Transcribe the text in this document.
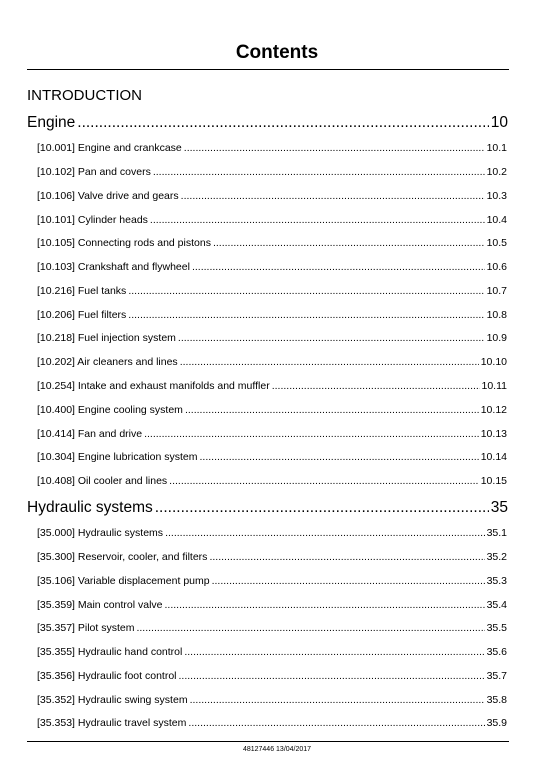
Contents
INTRODUCTION
Engine .....	10
[10.001] Engine and crankcase .....	10.1
[10.102] Pan and covers .....	10.2
[10.106] Valve drive and gears .....	10.3
[10.101] Cylinder heads .....	10.4
[10.105] Connecting rods and pistons .....	10.5
[10.103] Crankshaft and flywheel .....	10.6
[10.216] Fuel tanks .....	10.7
[10.206] Fuel filters .....	10.8
[10.218] Fuel injection system .....	10.9
[10.202] Air cleaners and lines .....	10.10
[10.254] Intake and exhaust manifolds and muffler .....	10.11
[10.400] Engine cooling system .....	10.12
[10.414] Fan and drive .....	10.13
[10.304] Engine lubrication system .....	10.14
[10.408] Oil cooler and lines .....	10.15
Hydraulic systems .....	35
[35.000] Hydraulic systems .....	35.1
[35.300] Reservoir, cooler, and filters .....	35.2
[35.106] Variable displacement pump .....	35.3
[35.359] Main control valve .....	35.4
[35.357] Pilot system .....	35.5
[35.355] Hydraulic hand control .....	35.6
[35.356] Hydraulic foot control .....	35.7
[35.352] Hydraulic swing system .....	35.8
[35.353] Hydraulic travel system .....	35.9
48127446 13/04/2017
